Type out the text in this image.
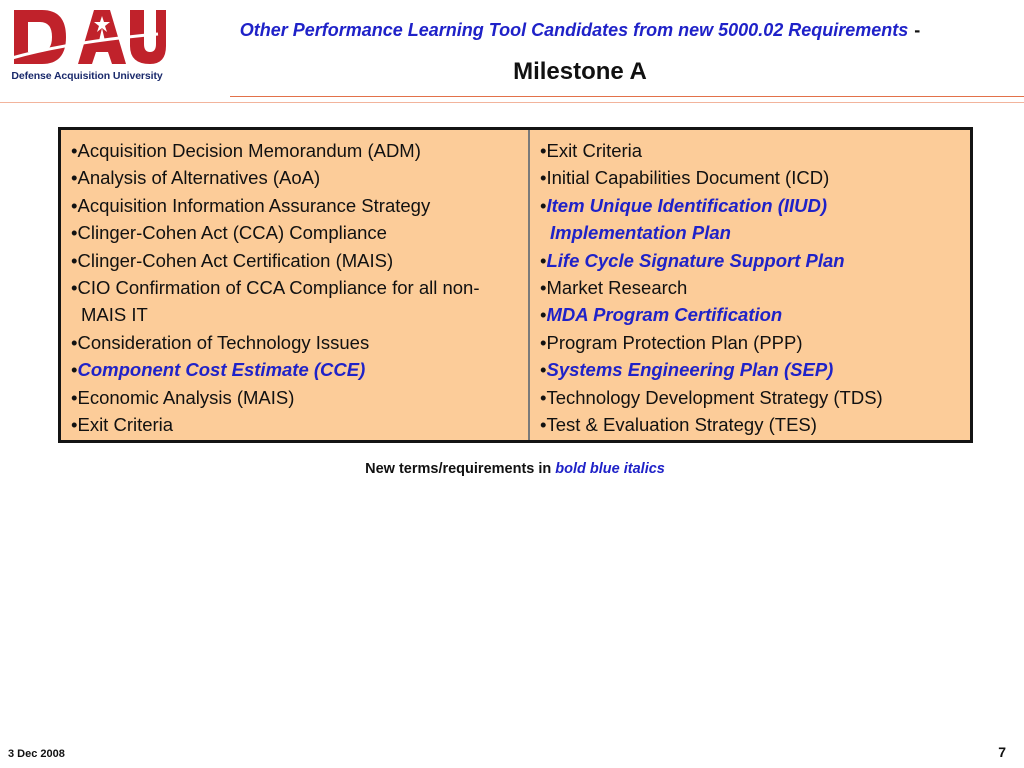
Defense Acquisition University
Other Performance Learning Tool Candidates from new 5000.02 Requirements -
Milestone A
•Acquisition Decision Memorandum (ADM)
•Analysis of Alternatives (AoA)
•Acquisition Information Assurance Strategy
•Clinger-Cohen Act (CCA) Compliance
•Clinger-Cohen Act Certification (MAIS)
•CIO Confirmation of CCA Compliance for all non-MAIS IT
•Consideration of Technology Issues
•Component Cost Estimate (CCE)
•Economic Analysis (MAIS)
•Exit Criteria
•Exit Criteria
•Initial Capabilities Document (ICD)
•Item Unique Identification (IIUD) Implementation Plan
•Life Cycle Signature Support Plan
•Market Research
•MDA Program Certification
•Program Protection Plan (PPP)
•Systems Engineering Plan (SEP)
•Technology Development Strategy (TDS)
•Test & Evaluation Strategy (TES)
New terms/requirements in bold blue italics
3 Dec 2008	7
